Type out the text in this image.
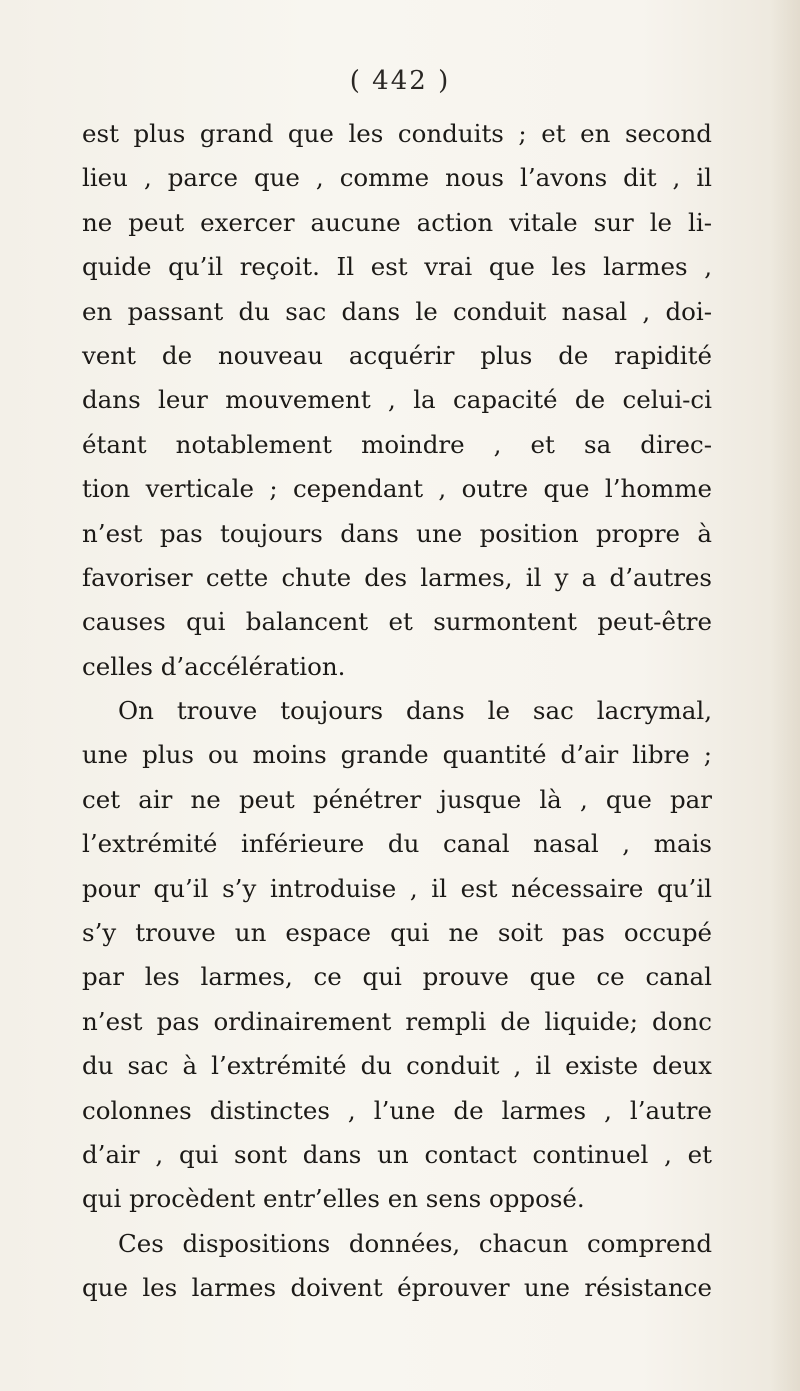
( 442 )
est plus grand que les conduits ; et en second
lieu , parce que , comme nous l’avons dit , il
ne peut exercer aucune action vitale sur le li-
quide qu’il reçoit. Il est vrai que les larmes ,
en passant du sac dans le conduit nasal , doi-
vent de nouveau acquérir plus de rapidité
dans leur mouvement , la capacité de celui-ci
étant notablement moindre , et sa direc-
tion verticale ; cependant , outre que l’homme
n’est pas toujours dans une position propre à
favoriser cette chute des larmes, il y a d’autres
causes qui balancent et surmontent peut-être
celles d’accélération.
On trouve toujours dans le sac lacrymal,
une plus ou moins grande quantité d’air libre ;
cet air ne peut pénétrer jusque là , que par
l’extrémité inférieure du canal nasal , mais
pour qu’il s’y introduise , il est nécessaire qu’il
s’y trouve un espace qui ne soit pas occupé
par les larmes, ce qui prouve que ce canal
n’est pas ordinairement rempli de liquide; donc
du sac à l’extrémité du conduit , il existe deux
colonnes distinctes , l’une de larmes , l’autre
d’air , qui sont dans un contact continuel , et
qui procèdent entr’elles en sens opposé.
Ces dispositions données, chacun comprend
que les larmes doivent éprouver une résistance
